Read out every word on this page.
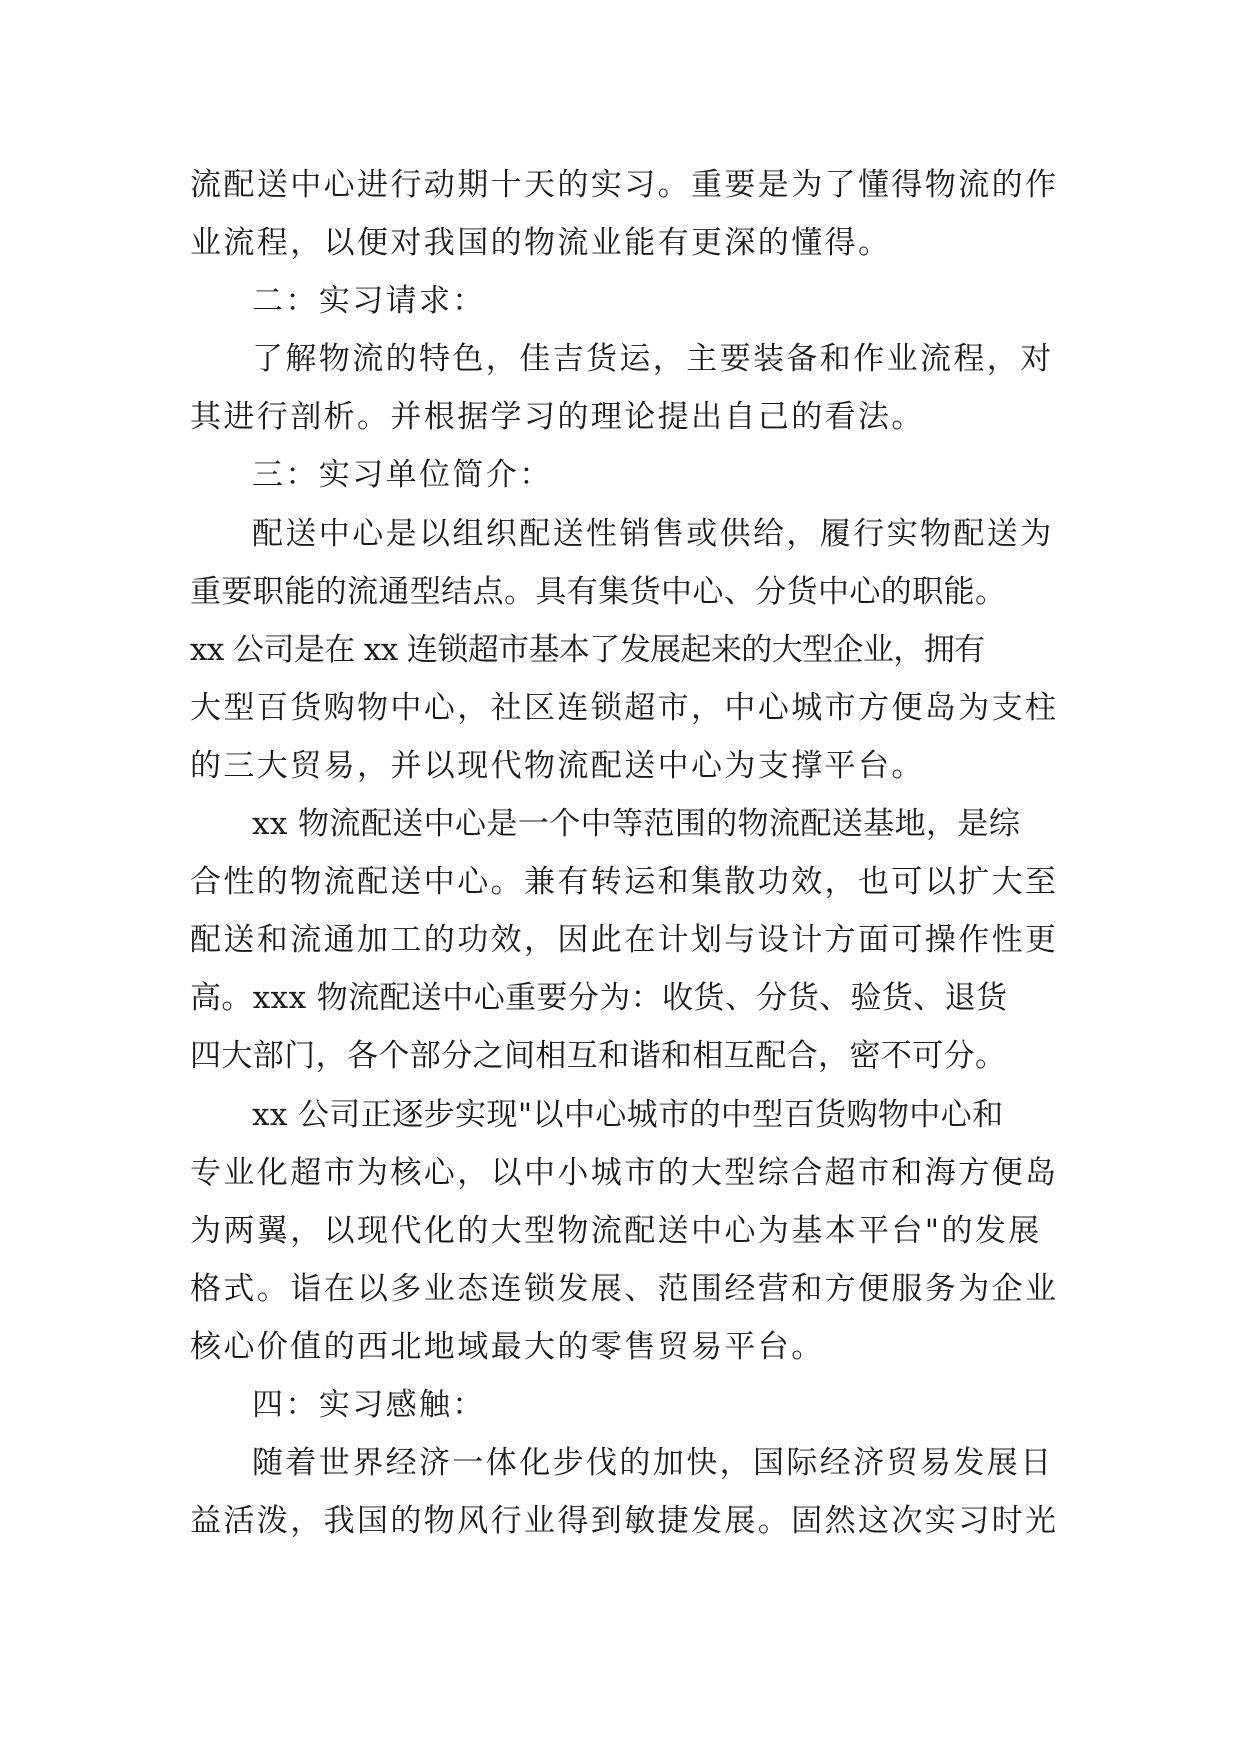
流配送中心进行动期十天的实习。重要是为了懂得物流的作
业流程，以便对我国的物流业能有更深的懂得。
二：实习请求：
了解物流的特色，佳吉货运，主要装备和作业流程，对
其进行剖析。并根据学习的理论提出自己的看法。
三：实习单位简介：
配送中心是以组织配送性销售或供给，履行实物配送为
重要职能的流通型结点。具有集货中心、分货中心的职能。
xx 公司是在 xx 连锁超市基本了发展起来的大型企业，拥有
大型百货购物中心，社区连锁超市，中心城市方便岛为支柱
的三大贸易，并以现代物流配送中心为支撑平台。
xx 物流配送中心是一个中等范围的物流配送基地，是综
合性的物流配送中心。兼有转运和集散功效，也可以扩大至
配送和流通加工的功效，因此在计划与设计方面可操作性更
高。xxx 物流配送中心重要分为：收货、分货、验货、退货
四大部门，各个部分之间相互和谐和相互配合，密不可分。
xx 公司正逐步实现"以中心城市的中型百货购物中心和
专业化超市为核心，以中小城市的大型综合超市和海方便岛
为两翼，以现代化的大型物流配送中心为基本平台"的发展
格式。诣在以多业态连锁发展、范围经营和方便服务为企业
核心价值的西北地域最大的零售贸易平台。
四：实习感触：
随着世界经济一体化步伐的加快，国际经济贸易发展日
益活泼，我国的物风行业得到敏捷发展。固然这次实习时光
